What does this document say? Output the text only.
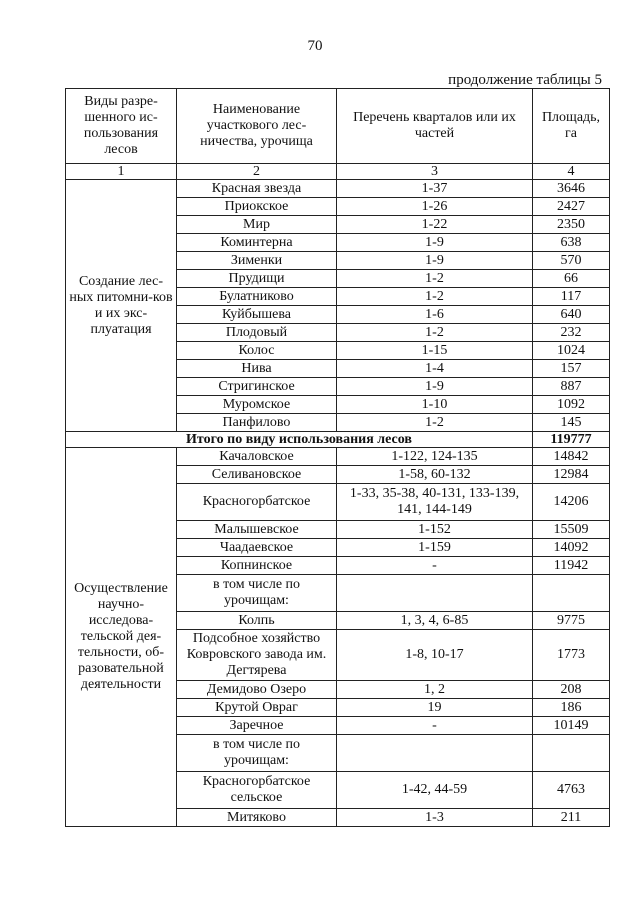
70
продолжение таблицы 5
Виды разре-шенного ис-пользования лесов	Наименование участкового лес-ничества, урочища	Перечень кварталов или их частей	Площадь, га
1	2	3	4
Создание лес-ных питомни-ков и их экс-плуатация	Красная звезда	1-37	3646
	Приокское	1-26	2427
	Мир	1-22	2350
	Коминтерна	1-9	638
	Зименки	1-9	570
	Прудищи	1-2	66
	Булатниково	1-2	117
	Куйбышева	1-6	640
	Плодовый	1-2	232
	Колос	1-15	1024
	Нива	1-4	157
	Стригинское	1-9	887
	Муромское	1-10	1092
	Панфилово	1-2	145
Итого по виду использования лесов			119777
Осуществление научно-исследова-тельской дея-тельности, об-разовательной деятельности	Качаловское	1-122, 124-135	14842
	Селивановское	1-58, 60-132	12984
	Красногорбатское	1-33, 35-38, 40-131, 133-139, 141, 144-149	14206
	Малышевское	1-152	15509
	Чаадаевское	1-159	14092
	Копнинское	-	11942
	в том числе по урочищам:		
	Колпь	1, 3, 4, 6-85	9775
	Подсобное хозяйство Ковровского завода им. Дегтярева	1-8, 10-17	1773
	Демидово Озеро	1, 2	208
	Крутой Овраг	19	186
	Заречное	-	10149
	в том числе по урочищам:		
	Красногорбатское сельское	1-42, 44-59	4763
	Митяково	1-3	211
